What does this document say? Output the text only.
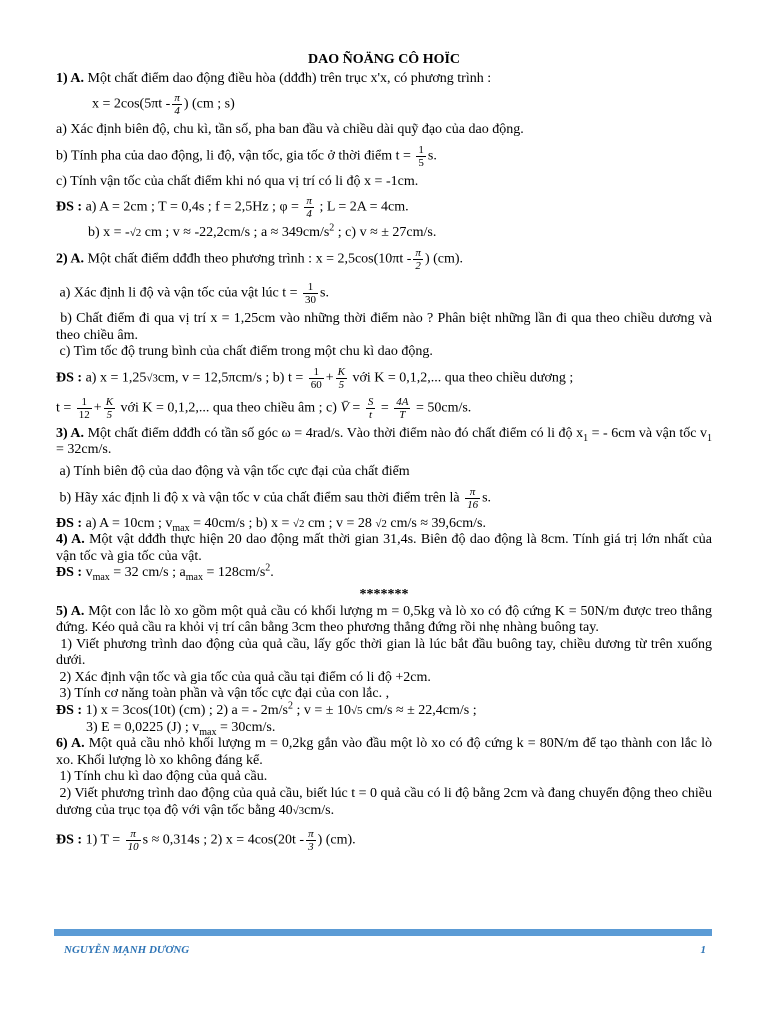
DAO ÑOÄNG CÔ HOÏC

1) A. Một chất điểm dao động điều hòa (dđđh) trên trục x'x, có phương trình :

$x = 2\cos(5\pi t - \frac{\pi}{4}$ ) (cm ; s)

a) Xác định biên độ, chu kì, tần số, pha ban đầu và chiều dài quỹ đạo của dao động.

b) Tính pha của dao động, li độ, vận tốc, gia tốc ở thời điểm $t = \frac{1}{5} s$.

c) Tính vận tốc của chất điểm khi nó qua vị trí có li độ x = -1cm.

ĐS : a) A = 2cm ; T = 0,4s ; f = 2,5Hz ; $\varphi = \frac{\pi}{4}$ ; L = 2A = 4cm.

b) x = -√2 cm ; v ≈ -22,2cm/s ; $a \approx 349cm/s^2$ ; c) v ≈ ± 27cm/s.

2) A. Một chất điểm dđđh theo phương trình : $x = 2,5\cos(10\pi t - \frac{\pi}{2}$ ) (cm).

a) Xác định li độ và vận tốc của vật lúc $t = \frac{1}{30} s$.

b) Chất điểm đi qua vị trí x = 1,25cm vào những thời điểm nào ? Phân biệt những lần đi qua theo chiều dương và theo chiều âm.

c) Tìm tốc độ trung bình của chất điểm trong một chu kì dao động.

ĐS : a) x = 1,25√3cm, v = 12,5πcm/s ; b) $t = \frac{1}{60} + \frac{K}{5}$ với K = 0,1,2,... qua theo chiều dương ;

$t = \frac{1}{12} + \frac{K}{5}$ với K = 0,1,2,... qua theo chiều âm ; c) V̄ = $\frac{S}{t} = \frac{4A}{T} = 50cm/s$.

3) A. Một chất điểm dđđh có tần số góc ω = 4rad/s. Vào thời điểm nào đó chất điểm có li độ $x_1$ = - 6cm và vận tốc $v_1 = 32cm/s$.

a) Tính biên độ của dao động và vận tốc cực đại của chất điểm

b) Hãy xác định li độ x và vận tốc v của chất điểm sau thời điểm trên là $\frac{\pi}{16} s$.

ĐS : a) A = 10cm ; $v_{max} = 40cm/s$ ; b) x = √2 cm ; v = 28 √2 cm/s ≈ 39,6cm/s.

4) A. Một vật dđđh thực hiện 20 dao động mất thời gian 31,4s. Biên độ dao động là 8cm. Tính giá trị lớn nhất của vận tốc và gia tốc của vật.

ĐS : $v_{max} = 32$ cm/s ; $a_{max} = 128cm/s^2$.

*******

5) A. Một con lắc lò xo gồm một quả cầu có khối lượng m = 0,5kg và lò xo có độ cứng K = 50N/m được treo thẳng đứng. Kéo quả cầu ra khỏi vị trí cân bằng 3cm theo phương thẳng đứng rồi nhẹ nhàng buông tay.

1) Viết phương trình dao động của quả cầu, lấy gốc thời gian là lúc bắt đầu buông tay, chiều dương từ trên xuống dưới.

2) Xác định vận tốc và gia tốc của quả cầu tại điểm có li độ +2cm.

3) Tính cơ năng toàn phần và vận tốc cực đại của con lắc. ,

ĐS : 1) x = 3cos(10t) (cm) ; 2) a = - $2m/s^2$ ; v = ± 10√5 cm/s ≈ ± 22,4cm/s ;

3) E = 0,0225 (J) ; $v_{max} = 30cm/s$.

6) A. Một quả cầu nhỏ khối lượng m = 0,2kg gắn vào đầu một lò xo có độ cứng k = 80N/m để tạo thành con lắc lò xo. Khối lượng lò xo không đáng kể.

1) Tính chu kì dao động của quả cầu.

2) Viết phương trình dao động của quả cầu, biết lúc t = 0 quả cầu có li độ bằng 2cm và đang chuyển động theo chiều dương của trục tọa độ với vận tốc bằng 40√3cm/s.

ĐS : 1) $T = \frac{\pi}{10}$ s ≈ 0,314s ; 2) $x = 4\cos(20t - \frac{\pi}{3}$ ) (cm).

NGUYỄN MẠNH DƯƠNG	1
